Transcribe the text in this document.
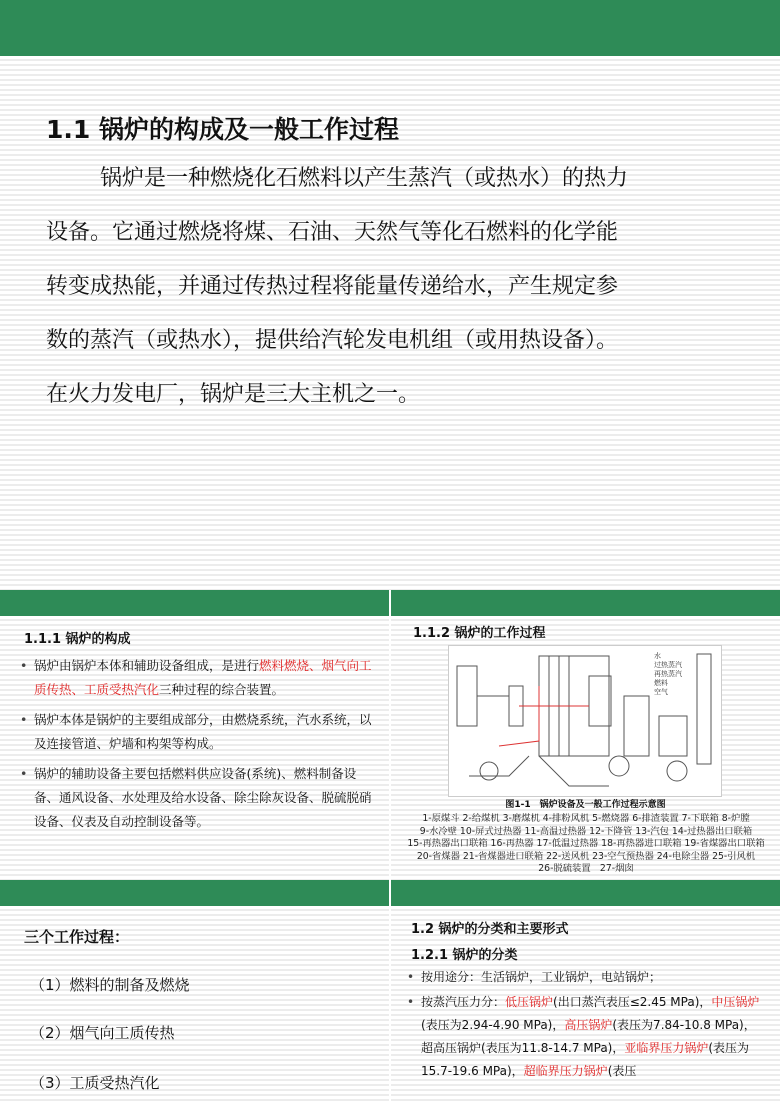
1.1 锅炉的构成及一般工作过程
锅炉是一种燃烧化石燃料以产生蒸汽（或热水）的热力
设备。它通过燃烧将煤、石油、天然气等化石燃料的化学能
转变成热能，并通过传热过程将能量传递给水，产生规定参
数的蒸汽（或热水），提供给汽轮发电机组（或用热设备）。
在火力发电厂，锅炉是三大主机之一。
1.1.1 锅炉的构成
• 锅炉由锅炉本体和辅助设备组成，是进行燃料燃烧、烟气向工质传热、工质受热汽化三种过程的综合装置。
• 锅炉本体是锅炉的主要组成部分，由燃烧系统，汽水系统，以及连接管道、炉墙和构架等构成。
• 锅炉的辅助设备主要包括燃料供应设备(系统)、燃料制备设备、通风设备、水处理及给水设备、除尘除灰设备、脱硫脱硝设备、仪表及自动控制设备等。
1.1.2 锅炉的工作过程
水
过热蒸汽
再热蒸汽
燃料
空气
图1-1　锅炉设备及一般工作过程示意图
1-原煤斗 2-给煤机 3-磨煤机 4-排粉风机 5-燃烧器 6-排渣装置 7-下联箱 8-炉膛
9-水冷壁 10-屏式过热器 11-高温过热器 12-下降管 13-汽包 14-过热器出口联箱
15-再热器出口联箱 16-再热器 17-低温过热器 18-再热器进口联箱 19-省煤器出口联箱
20-省煤器 21-省煤器进口联箱 22-送风机 23-空气预热器 24-电除尘器 25-引风机
26-脱硫装置　27-烟囱
三个工作过程：
（1）燃料的制备及燃烧
（2）烟气向工质传热
（3）工质受热汽化
1.2 锅炉的分类和主要形式
1.2.1 锅炉的分类
• 按用途分：生活锅炉，工业锅炉，电站锅炉；
• 按蒸汽压力分：低压锅炉(出口蒸汽表压≤2.45 MPa)，中压锅炉(表压为2.94-4.90 MPa)，高压锅炉(表压为7.84-10.8 MPa)，超高压锅炉(表压为11.8-14.7 MPa)，亚临界压力锅炉(表压为15.7-19.6 MPa)，超临界压力锅炉(表压
